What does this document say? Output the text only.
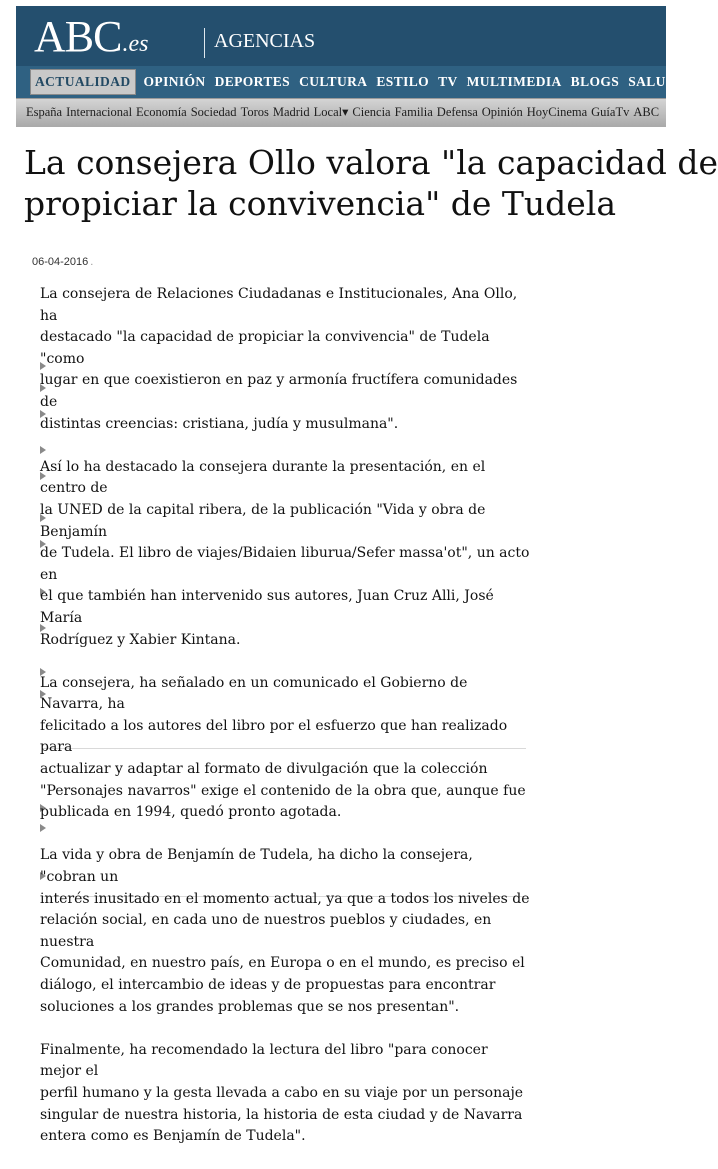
ABC.es	AGENCIAS
ACTUALIDAD OPINIÓN DEPORTES CULTURA ESTILO TV MULTIMEDIA BLOGS SALUD AB
España Internacional Economía Sociedad Toros Madrid Local▾ Ciencia Familia Defensa Opinión HoyCinema GuíaTv ABC
La consejera Ollo valora "la capacidad de
propiciar la convivencia" de Tudela
06-04-2016 .

La consejera de Relaciones Ciudadanas e Institucionales, Ana Ollo, ha
destacado "la capacidad de propiciar la convivencia" de Tudela "como
lugar en que coexistieron en paz y armonía fructífera comunidades de
distintas creencias: cristiana, judía y musulmana".

Así lo ha destacado la consejera durante la presentación, en el centro de
la UNED de la capital ribera, de la publicación "Vida y obra de Benjamín
de Tudela. El libro de viajes/Bidaien liburua/Sefer massa'ot", un acto en
el que también han intervenido sus autores, Juan Cruz Alli, José María
Rodríguez y Xabier Kintana.

La consejera, ha señalado en un comunicado el Gobierno de Navarra, ha
felicitado a los autores del libro por el esfuerzo que han realizado para
actualizar y adaptar al formato de divulgación que la colección
"Personajes navarros" exige el contenido de la obra que, aunque fue
publicada en 1994, quedó pronto agotada.

La vida y obra de Benjamín de Tudela, ha dicho la consejera, "cobran un
interés inusitado en el momento actual, ya que a todos los niveles de
relación social, en cada uno de nuestros pueblos y ciudades, en nuestra
Comunidad, en nuestro país, en Europa o en el mundo, es preciso el
diálogo, el intercambio de ideas y de propuestas para encontrar
soluciones a los grandes problemas que se nos presentan".

Finalmente, ha recomendado la lectura del libro "para conocer mejor el
perfil humano y la gesta llevada a cabo en su viaje por un personaje
singular de nuestra historia, la historia de esta ciudad y de Navarra
entera como es Benjamín de Tudela".
